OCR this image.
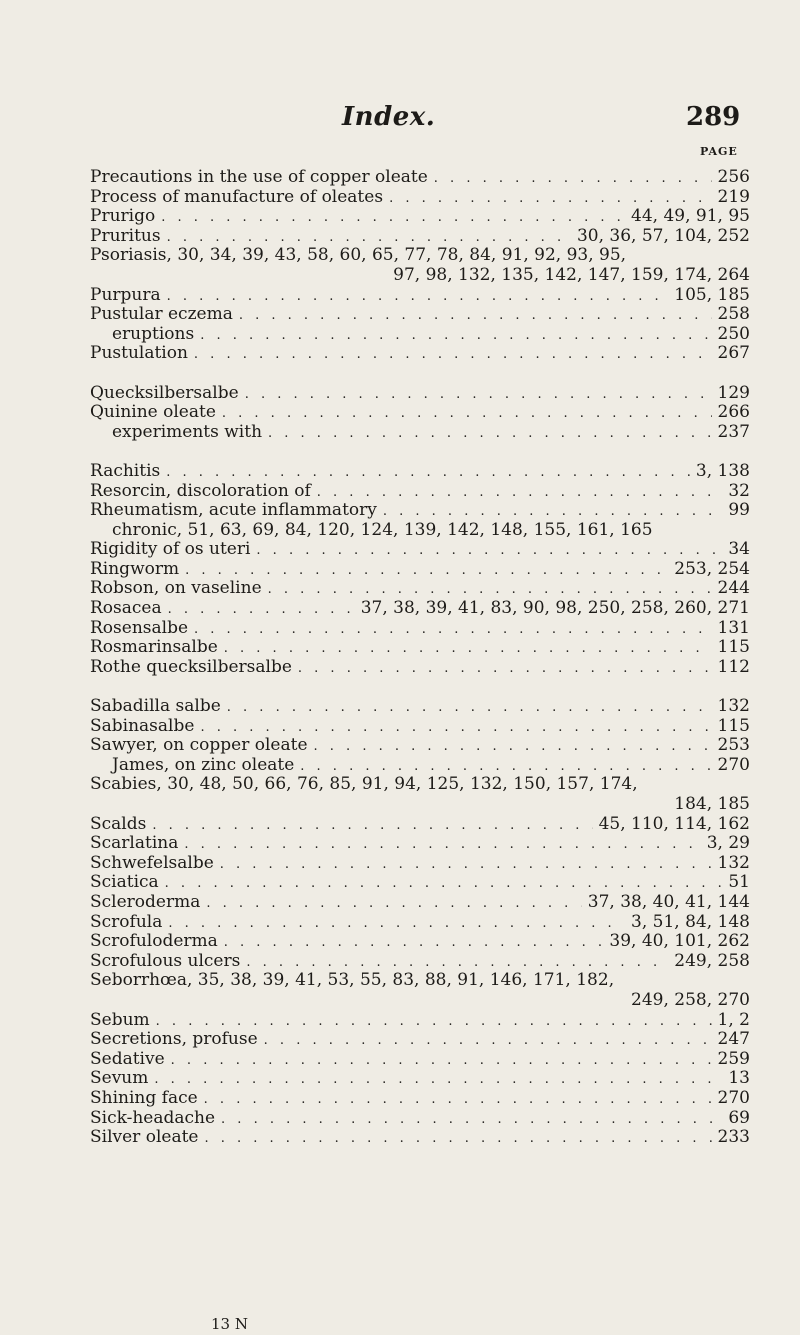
Index.	289
PAGE
Precautions in the use of copper oleate . . .	256
Process of manufacture of oleates . . .	219
Prurigo . . .	44, 49, 91, 95
Pruritus . . .	30, 36, 57, 104, 252
Psoriasis, 30, 34, 39, 43, 58, 60, 65, 77, 78, 84, 91, 92, 93, 95,
97, 98, 132, 135, 142, 147, 159, 174, 264
Purpura . . .	105, 185
Pustular eczema . . .	258
eruptions . . .	250
Pustulation . . .	267
Quecksilbersalbe . . .	129
Quinine oleate . . .	266
experiments with . . .	237
Rachitis . . .	3, 138
Resorcin, discoloration of . . .	32
Rheumatism, acute inflammatory . . .	99
chronic, 51, 63, 69, 84, 120, 124, 139, 142, 148, 155, 161, 165
Rigidity of os uteri . . .	34
Ringworm . . .	253, 254
Robson, on vaseline . . .	244
Rosacea . . .	37, 38, 39, 41, 83, 90, 98, 250, 258, 260, 271
Rosensalbe . . .	131
Rosmarinsalbe . . .	115
Rothe quecksilbersalbe . . .	112
Sabadilla salbe . . .	132
Sabinasalbe . . .	115
Sawyer, on copper oleate . . .	253
James, on zinc oleate . . .	270
Scabies, 30, 48, 50, 66, 76, 85, 91, 94, 125, 132, 150, 157, 174,
184, 185
Scalds . . .	45, 110, 114, 162
Scarlatina . . .	3, 29
Schwefelsalbe . . .	132
Sciatica . . .	51
Scleroderma . . .	37, 38, 40, 41, 144
Scrofula . . .	3, 51, 84, 148
Scrofuloderma . . .	39, 40, 101, 262
Scrofulous ulcers . . .	249, 258
Seborrhœa, 35, 38, 39, 41, 53, 55, 83, 88, 91, 146, 171, 182,
249, 258, 270
Sebum . . .	1, 2
Secretions, profuse . . .	247
Sedative . . .	259
Sevum . . .	13
Shining face . . .	270
Sick-headache . . .	69
Silver oleate . . .	233
13 N
